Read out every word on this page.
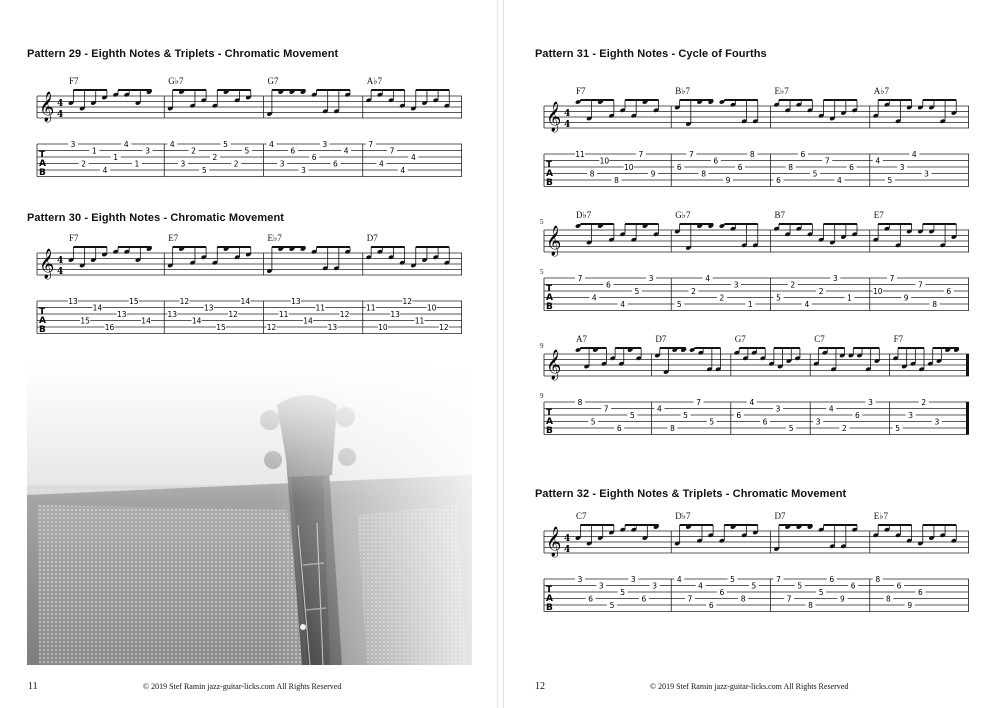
Pattern 29 - Eighth Notes & Triplets - Chromatic Movement
𝄞 4
4
T
A
B
3
2
1
4
1
4
1
3
4
3
2
5
2
5
2
5
4
3
6
3
6
3
6
4
7
4
7
4
4
Pattern 30 - Eighth Notes - Chromatic Movement
𝄞 4
4
T
A
B
13
15
14
16
13
15
14
13
12
14
13
15
12
14
12
11
13
14
11
13
12
11
10
13
12
11
10
12
11	© 2019 Stef Ramin jazz-guitar-licks.com All Rights Reserved
F7	G♭7	G7	A♭7
F7	E7	E♭7	D7
Pattern 31 - Eighth Notes - Cycle of Fourths
𝄞 4
4
T
A
B
11
8
10
8
10
7
9
6
7
8
6
9
6
8
6
8
6
5
7
4
6
4
5
3
4
3
𝄞
T
A
B
7
4
6
4
5
3
5
2
4
2
3
1
5
2
4
2
3
1
10
7
9
7
8
6
𝄞
T
A
B
8
5
7
6
5
4
8
5
7
5
6
4
6
3
5
3
4
2
6
3
5
3
2
3
Pattern 32 - Eighth Notes & Triplets - Chromatic Movement
𝄞 4
4
T
A
B
3
6
3
5
5
3
6
3
4
7
4
6
6
5
8
5
7
7
5
8
5
6
9
6
8
8
6
9
6
12	© 2019 Stef Ramin jazz-guitar-licks.com All Rights Reserved
F7	B♭7	E♭7	A♭7
D♭7	G♭7	B7	E7
5
5
A7	D7	G7	C7	F7
9
9
C7	D♭7	D7	E♭7
